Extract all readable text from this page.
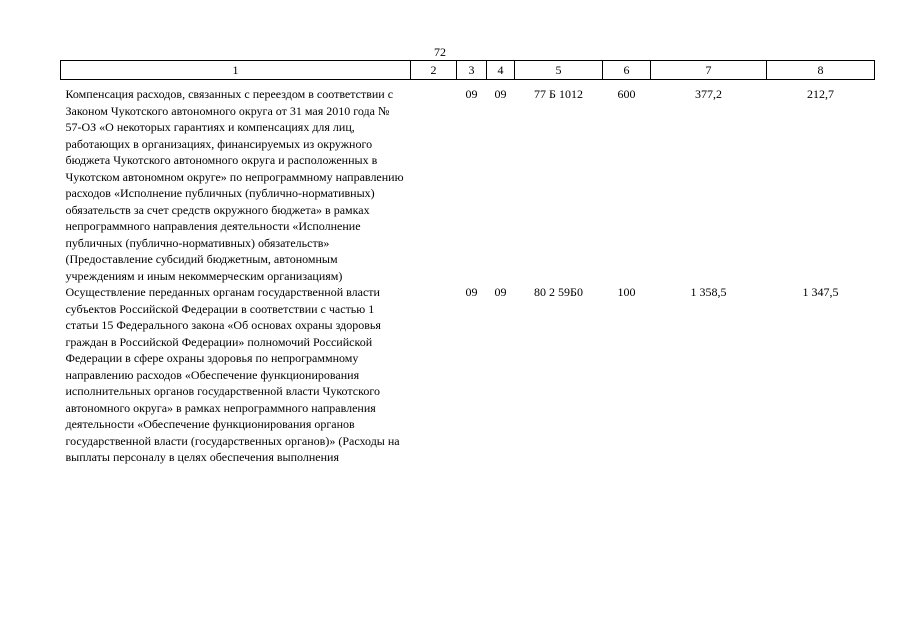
72
1	2	3	4	5	6	7	8
Компенсация расходов, связанных с переездом в соответствии с Законом Чукотского автономного округа от 31 мая 2010 года № 57-ОЗ «О некоторых гарантиях и компенсациях для лиц, работающих в организациях, финансируемых из окружного бюджета Чукотского автономного округа и расположенных в Чукотском автономном округе» по непрограммному направлению расходов «Исполнение публичных (публично-нормативных) обязательств за счет средств окружного бюджета» в рамках непрограммного направления деятельности «Исполнение публичных (публично-нормативных) обязательств» (Предоставление субсидий бюджетным, автономным учреждениям и иным некоммерческим организациям)		09	09	77 Б 1012	600	377,2	212,7
Осуществление переданных органам государственной власти субъектов Российской Федерации в соответствии с частью 1 статьи 15 Федерального закона «Об основах охраны здоровья граждан в Российской Федерации» полномочий Российской Федерации в сфере охраны здоровья по непрограммному направлению расходов «Обеспечение функционирования исполнительных органов государственной власти Чукотского автономного округа» в рамках непрограммного направления деятельности «Обеспечение функционирования органов государственной власти (государственных органов)» (Расходы на выплаты персоналу в целях обеспечения выполнения		09	09	80 2 59Б0	100	1 358,5	1 347,5
